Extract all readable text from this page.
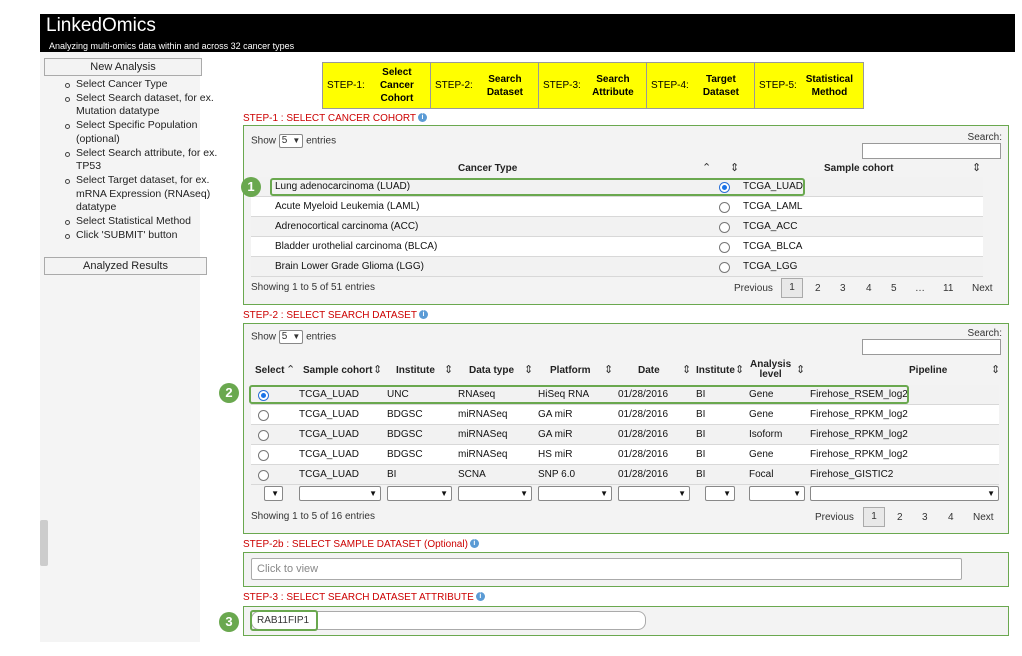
LinkedOmics
Analyzing multi-omics data within and across 32 cancer types
New Analysis
Select Cancer Type
Select Search dataset, for ex. Mutation datatype
Select Specific Population (optional)
Select Search attribute, for ex. TP53
Select Target dataset, for ex. mRNA Expression (RNAseq) datatype
Select Statistical Method
Click 'SUBMIT' button
Analyzed Results
STEP-1:
Select Cancer Cohort
STEP-2:
Search Dataset
STEP-3:
Search Attribute
STEP-4:
Target Dataset
STEP-5:
Statistical Method
STEP-1 : SELECT CANCER COHORT i
Show 5 ▼ entries	Search:
Cancer Type	⌃ ⇕	Sample cohort	⇕
Lung adenocarcinoma (LUAD)	TCGA_LUAD
Acute Myeloid Leukemia (LAML)	TCGA_LAML
Adrenocortical carcinoma (ACC)	TCGA_ACC
Bladder urothelial carcinoma (BLCA)	TCGA_BLCA
Brain Lower Grade Glioma (LGG)	TCGA_LGG
Showing 1 to 5 of 51 entries	Previous	1	2 3 4 5 … 11 Next
1
STEP-2 : SELECT SEARCH DATASET i
Show 5 ▼ entries	Search:
Select ⌃ Sample cohort ⇕ Institute ⇕ Data type ⇕ Platform ⇕ Date ⇕ Institute ⇕ Analysis
level	⇕	Pipeline	⇕
TCGA_LUAD	UNC	RNAseq	HiSeq RNA	01/28/2016	BI	Gene	Firehose_RSEM_log2
TCGA_LUAD	BDGSC	miRNASeq	GA miR	01/28/2016	BI	Gene	Firehose_RPKM_log2
TCGA_LUAD	BDGSC	miRNASeq	GA miR	01/28/2016	BI	Isoform	Firehose_RPKM_log2
TCGA_LUAD	BDGSC	miRNASeq	HS miR	01/28/2016	BI	Gene	Firehose_RPKM_log2
TCGA_LUAD	BI	SCNA	SNP 6.0	01/28/2016	BI	Focal	Firehose_GISTIC2
▼	▼	▼	▼	▼	▼	▼	▼	▼
Showing 1 to 5 of 16 entries	Previous	1	2 3 4 Next
2
STEP-2b : SELECT SAMPLE DATASET (Optional) i
Click to view
STEP-3 : SELECT SEARCH DATASET ATTRIBUTE i
RAB11FIP1
3
